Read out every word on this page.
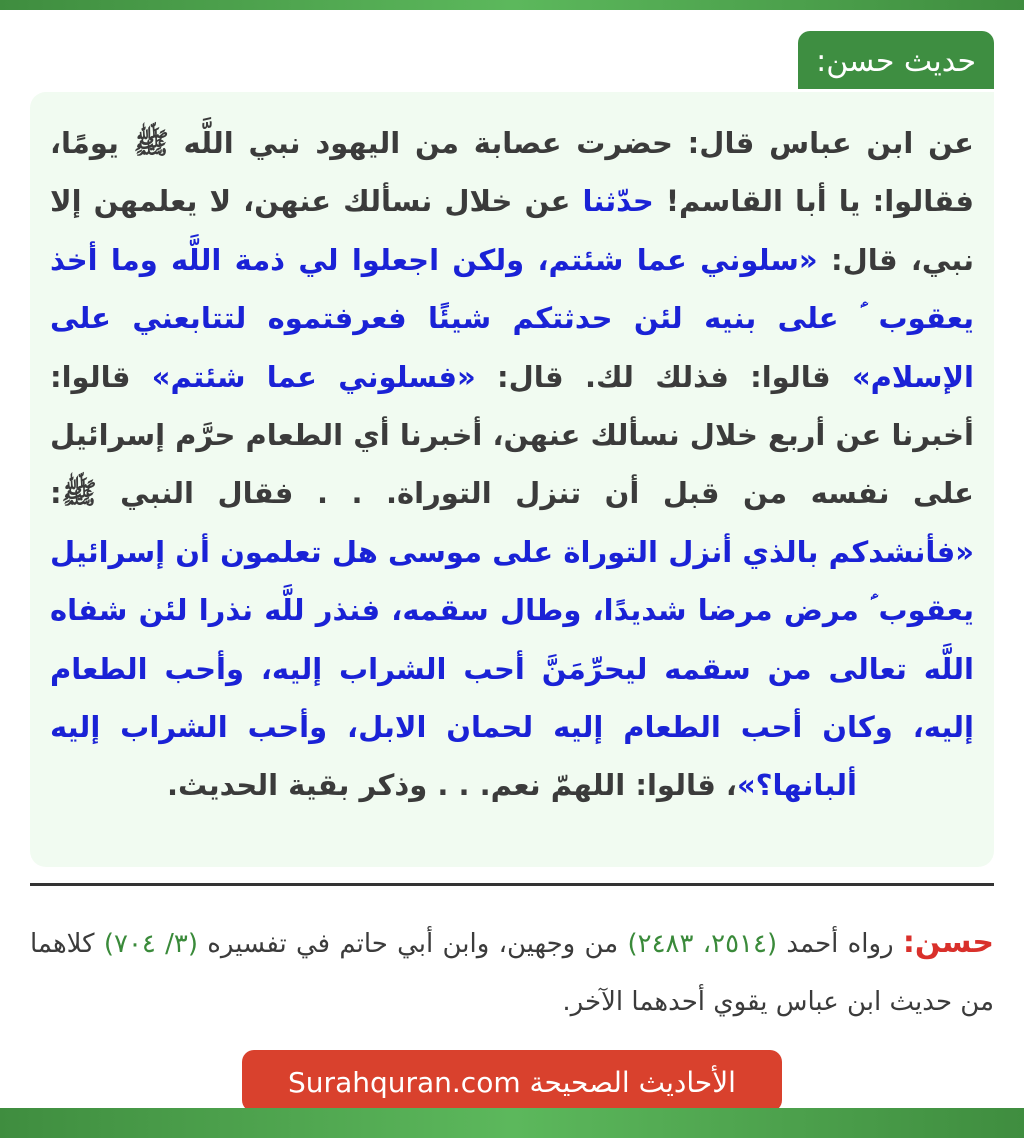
حديث حسن:

عن ابن عباس قال: حضرت عصابة من اليهود نبي اللَّه ﷺ يومًا، فقالوا: يا أبا القاسم! حدّثنا عن خلال نسألك عنهن، لا يعلمهن إلا نبي، قال: «سلوني عما شئتم، ولكن اجعلوا لي ذمة اللَّه وما أخذ يعقوب ؑ على بنيه لئن حدثتكم شيئًا فعرفتموه لتتابعني على الإسلام» قالوا: فذلك لك. قال: «فسلوني عما شئتم» قالوا: أخبرنا عن أربع خلال نسألك عنهن، أخبرنا أي الطعام حرَّم إسرائيل على نفسه من قبل أن تنزل التوراة. . . فقال النبي ﷺ: «فأنشدكم بالذي أنزل التوراة على موسى هل تعلمون أن إسرائيل يعقوب ؑ مرض مرضا شديدًا، وطال سقمه، فنذر للَّه نذرا لئن شفاه اللَّه تعالى من سقمه ليحرِّمَنَّ أحب الشراب إليه، وأحب الطعام إليه، وكان أحب الطعام إليه لحمان الابل، وأحب الشراب إليه ألبانها؟»، قالوا: اللهمّ نعم. . . وذكر بقية الحديث.

حسن: رواه أحمد (٢٥١٤، ٢٤٨٣) من وجهين، وابن أبي حاتم في تفسيره (٣/ ٧٠٤) كلاهما من حديث ابن عباس يقوي أحدهما الآخر.

الأحاديث الصحيحة Surahquran.com
